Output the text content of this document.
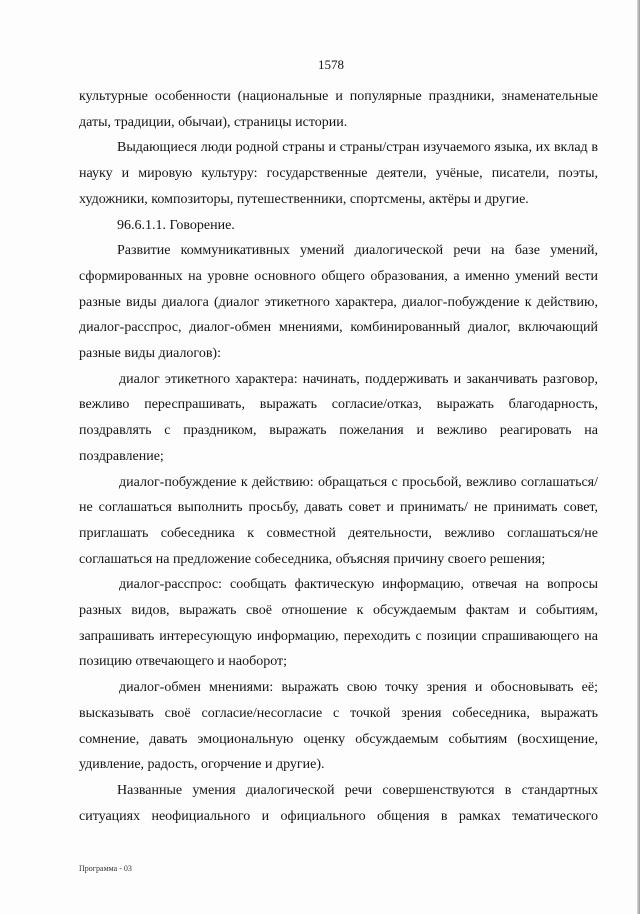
1578

культурные особенности (национальные и популярные праздники, знаменательные даты, традиции, обычаи), страницы истории.

Выдающиеся люди родной страны и страны/стран изучаемого языка, их вклад в науку и мировую культуру: государственные деятели, учёные, писатели, поэты, художники, композиторы, путешественники, спортсмены, актёры и другие.

96.6.1.1. Говорение.

Развитие коммуникативных умений диалогической речи на базе умений, сформированных на уровне основного общего образования, а именно умений вести разные виды диалога (диалог этикетного характера, диалог-побуждение к действию, диалог-расспрос, диалог-обмен мнениями, комбинированный диалог, включающий разные виды диалогов):

диалог этикетного характера: начинать, поддерживать и заканчивать разговор, вежливо переспрашивать, выражать согласие/отказ, выражать благодарность, поздравлять с праздником, выражать пожелания и вежливо реагировать на поздравление;

диалог-побуждение к действию: обращаться с просьбой, вежливо соглашаться/не соглашаться выполнить просьбу, давать совет и принимать/ не принимать совет, приглашать собеседника к совместной деятельности, вежливо соглашаться/не соглашаться на предложение собеседника, объясняя причину своего решения;

диалог-расспрос: сообщать фактическую информацию, отвечая на вопросы разных видов, выражать своё отношение к обсуждаемым фактам и событиям, запрашивать интересующую информацию, переходить с позиции спрашивающего на позицию отвечающего и наоборот;

диалог-обмен мнениями: выражать свою точку зрения и обосновывать её; высказывать своё согласие/несогласие с точкой зрения собеседника, выражать сомнение, давать эмоциональную оценку обсуждаемым событиям (восхищение, удивление, радость, огорчение и другие).

Названные умения диалогической речи совершенствуются в стандартных ситуациях неофициального и официального общения в рамках тематического

Программа - 03
